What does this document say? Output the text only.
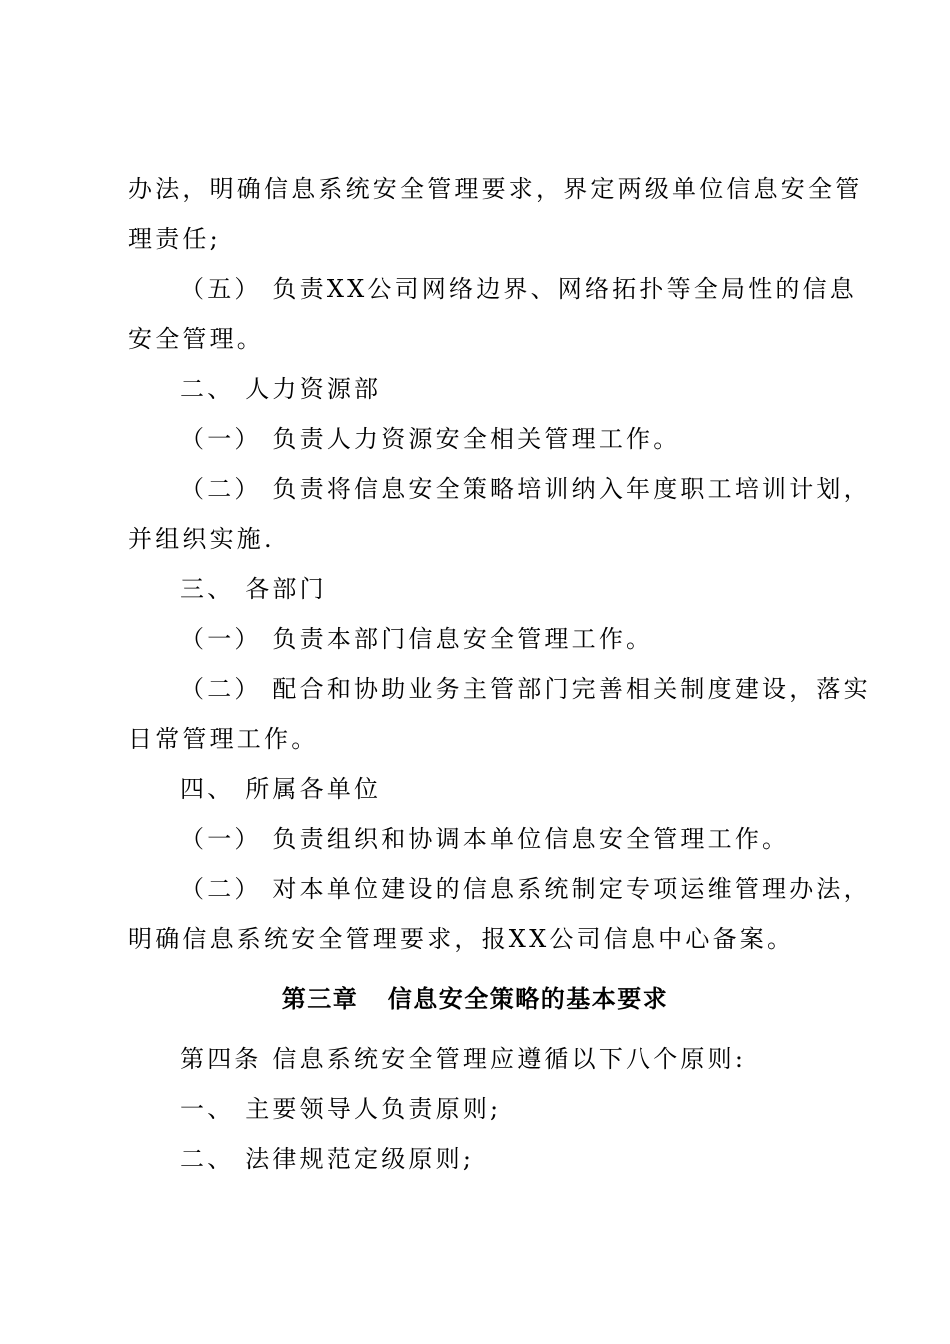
办法，明确信息系统安全管理要求，界定两级单位信息安全管
理责任;
（五） 负责XX公司网络边界、网络拓扑等全局性的信息
安全管理。
二、 人力资源部
（一） 负责人力资源安全相关管理工作。
（二） 负责将信息安全策略培训纳入年度职工培训计划，
并组织实施.
三、 各部门
（一） 负责本部门信息安全管理工作。
（二） 配合和协助业务主管部门完善相关制度建设，落实
日常管理工作。
四、 所属各单位
（一） 负责组织和协调本单位信息安全管理工作。
（二） 对本单位建设的信息系统制定专项运维管理办法，
明确信息系统安全管理要求，报XX公司信息中心备案。
第三章   信息安全策略的基本要求
第四条 信息系统安全管理应遵循以下八个原则:
一、 主要领导人负责原则;
二、 法律规范定级原则;
